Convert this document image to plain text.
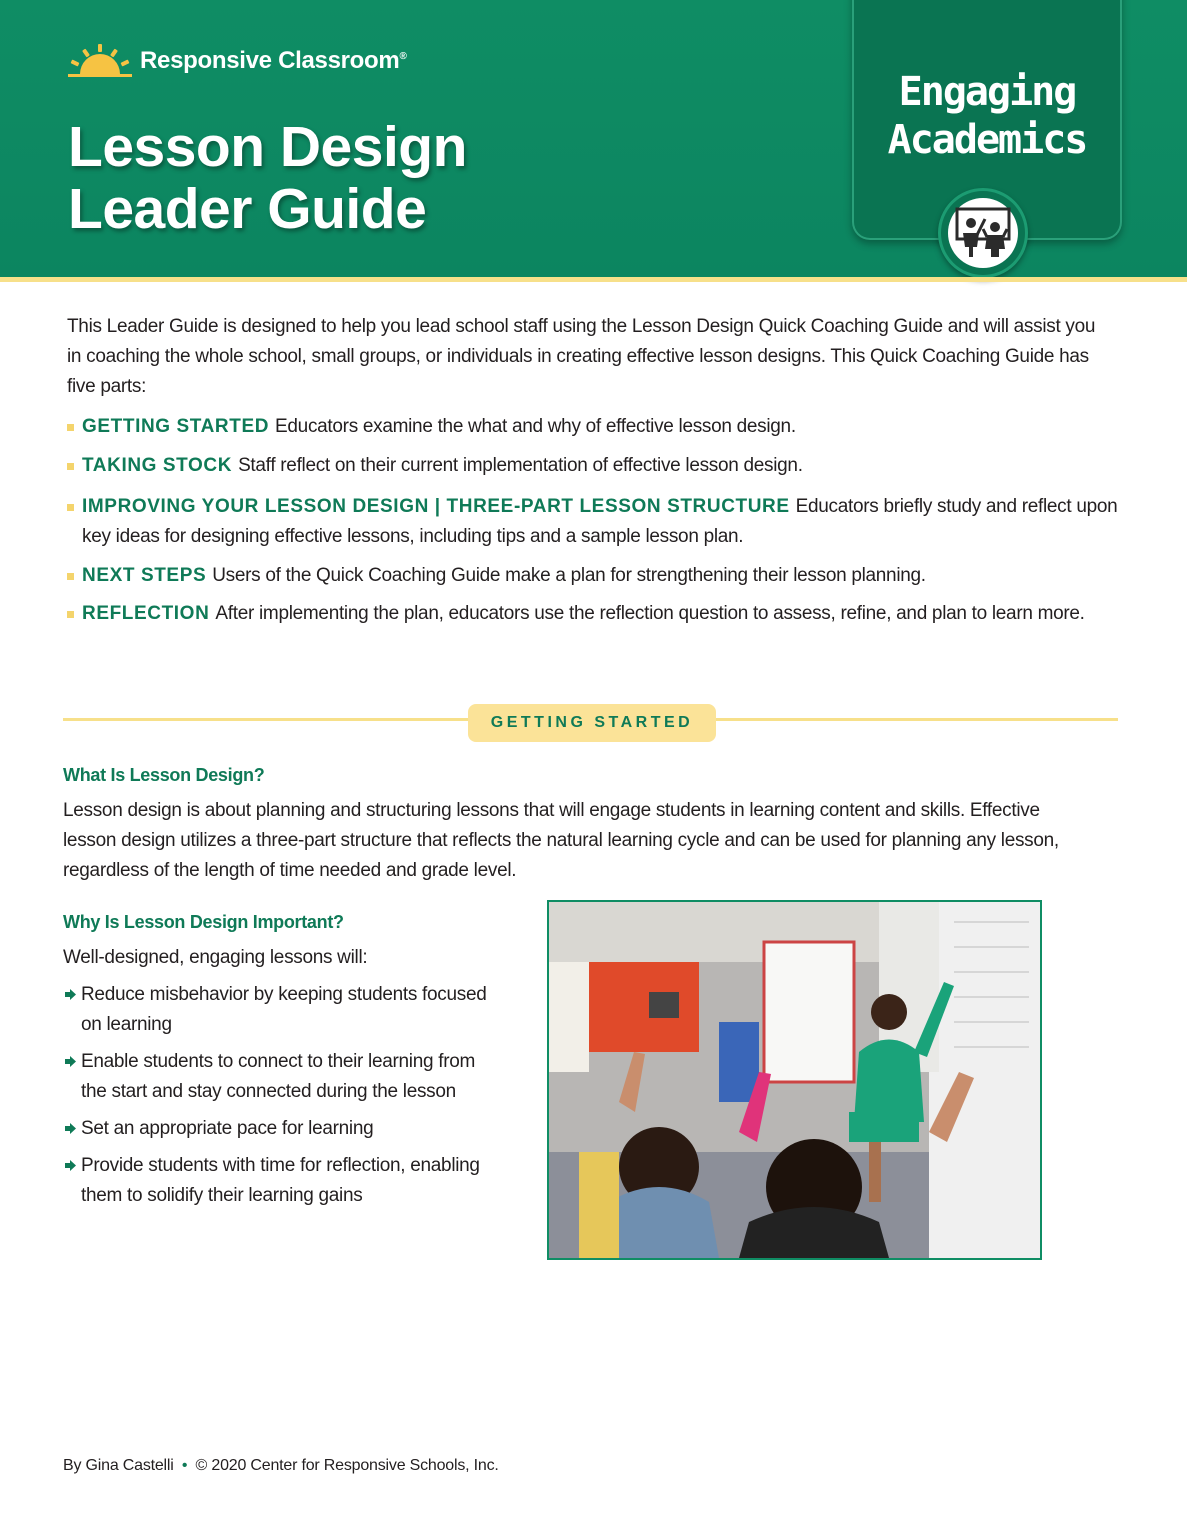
Responsive Classroom®
Lesson Design
Leader Guide
Engaging
Academics
This Leader Guide is designed to help you lead school staff using the Lesson Design Quick Coaching Guide and will assist you in coaching the whole school, small groups, or individuals in creating effective lesson designs. This Quick Coaching Guide has five parts:
GETTING STARTED Educators examine the what and why of effective lesson design.
TAKING STOCK Staff reflect on their current implementation of effective lesson design.
IMPROVING YOUR LESSON DESIGN | THREE-PART LESSON STRUCTURE Educators briefly study and reflect upon key ideas for designing effective lessons, including tips and a sample lesson plan.
NEXT STEPS Users of the Quick Coaching Guide make a plan for strengthening their lesson planning.
REFLECTION After implementing the plan, educators use the reflection question to assess, refine, and plan to learn more.
GETTING STARTED
What Is Lesson Design?
Lesson design is about planning and structuring lessons that will engage students in learning content and skills. Effective lesson design utilizes a three-part structure that reflects the natural learning cycle and can be used for planning any lesson, regardless of the length of time needed and grade level.
Why Is Lesson Design Important?
Well-designed, engaging lessons will:
Reduce misbehavior by keeping students focused on learning
Enable students to connect to their learning from the start and stay connected during the lesson
Set an appropriate pace for learning
Provide students with time for reflection, enabling them to solidify their learning gains
By Gina Castelli • © 2020 Center for Responsive Schools, Inc.
